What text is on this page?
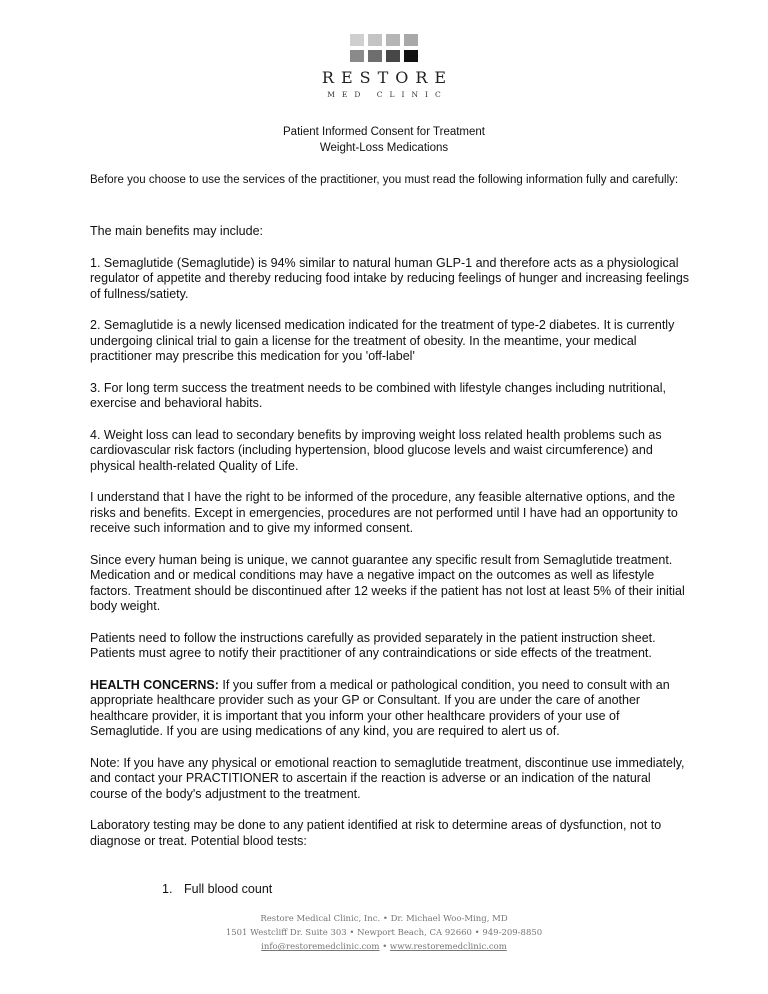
RESTORE
MED CLINIC
Patient Informed Consent for Treatment
Weight-Loss Medications
Before you choose to use the services of the practitioner, you must read the following information fully and carefully:

The main benefits may include:

1. Semaglutide (Semaglutide) is 94% similar to natural human GLP-1 and therefore acts as a physiological regulator of appetite and thereby reducing food intake by reducing feelings of hunger and increasing feelings of fullness/satiety.

2. Semaglutide is a newly licensed medication indicated for the treatment of type-2 diabetes. It is currently undergoing clinical trial to gain a license for the treatment of obesity. In the meantime, your medical practitioner may prescribe this medication for you 'off-label'

3. For long term success the treatment needs to be combined with lifestyle changes including nutritional, exercise and behavioral habits.

4. Weight loss can lead to secondary benefits by improving weight loss related health problems such as cardiovascular risk factors (including hypertension, blood glucose levels and waist circumference) and physical health-related Quality of Life.

I understand that I have the right to be informed of the procedure, any feasible alternative options, and the risks and benefits. Except in emergencies, procedures are not performed until I have had an opportunity to receive such information and to give my informed consent.

Since every human being is unique, we cannot guarantee any specific result from Semaglutide treatment. Medication and or medical conditions may have a negative impact on the outcomes as well as lifestyle factors. Treatment should be discontinued after 12 weeks if the patient has not lost at least 5% of their initial body weight.

Patients need to follow the instructions carefully as provided separately in the patient instruction sheet. Patients must agree to notify their practitioner of any contraindications or side effects of the treatment.

HEALTH CONCERNS: If you suffer from a medical or pathological condition, you need to consult with an appropriate healthcare provider such as your GP or Consultant. If you are under the care of another healthcare provider, it is important that you inform your other healthcare providers of your use of Semaglutide. If you are using medications of any kind, you are required to alert us of.

Note: If you have any physical or emotional reaction to semaglutide treatment, discontinue use immediately, and contact your PRACTITIONER to ascertain if the reaction is adverse or an indication of the natural course of the body's adjustment to the treatment.

Laboratory testing may be done to any patient identified at risk to determine areas of dysfunction, not to diagnose or treat. Potential blood tests:

1. Full blood count
Restore Medical Clinic, Inc. • Dr. Michael Woo-Ming, MD
1501 Westcliff Dr. Suite 303 • Newport Beach, CA 92660 • 949-209-8850
info@restoremedclinic.com • www.restoremedclinic.com
